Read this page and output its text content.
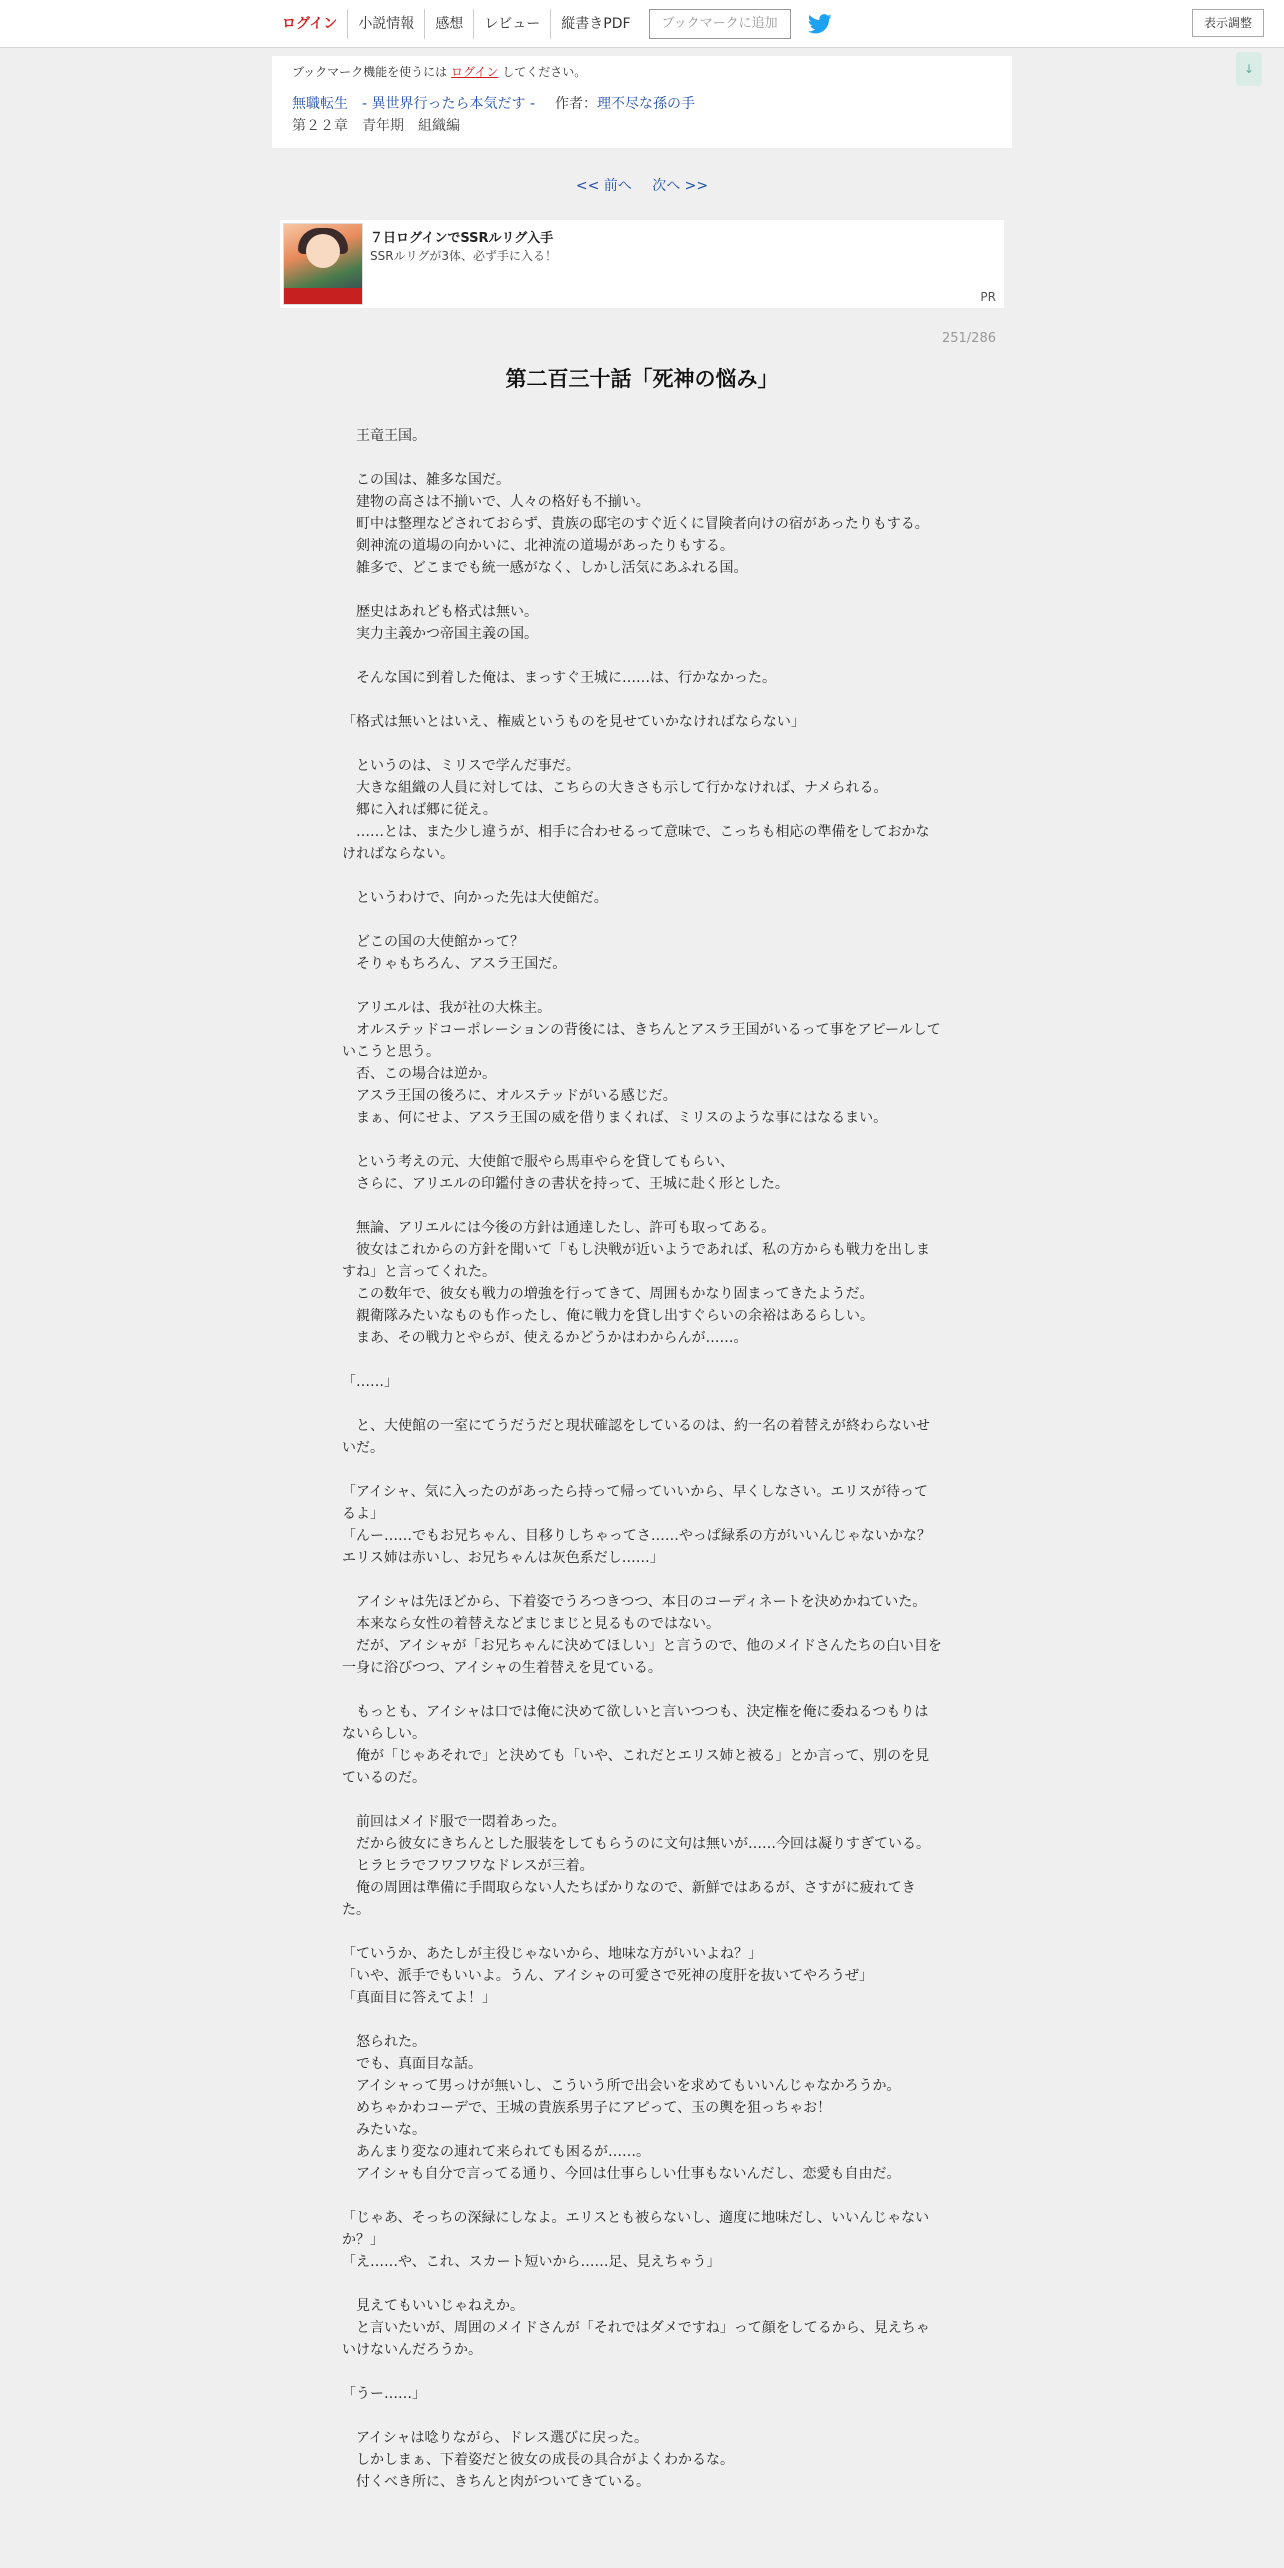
ログイン	小説情報	感想	レビュー	縦書きPDF	ブックマークに追加	表示調整
↓
ブックマーク機能を使うには ログイン してください。
無職転生　- 異世界行ったら本気だす - 作者：理不尽な孫の手
第２２章　青年期　組織編
<< 前へ 次へ >>
７日ログインでSSRルリグ入手
SSRルリグが3体、必ず手に入る！
PR
251/286
第二百三十話「死神の悩み」

　王竜王国。

　この国は、雑多な国だ。

　建物の高さは不揃いで、人々の格好も不揃い。

　町中は整理などされておらず、貴族の邸宅のすぐ近くに冒険者向けの宿があったりもする。

　剣神流の道場の向かいに、北神流の道場があったりもする。

　雑多で、どこまでも統一感がなく、しかし活気にあふれる国。

　歴史はあれども格式は無い。

　実力主義かつ帝国主義の国。

　そんな国に到着した俺は、まっすぐ王城に……は、行かなかった。

「格式は無いとはいえ、権威というものを見せていかなければならない」

　というのは、ミリスで学んだ事だ。

　大きな組織の人員に対しては、こちらの大きさも示して行かなければ、ナメられる。

　郷に入れば郷に従え。

　……とは、また少し違うが、相手に合わせるって意味で、こっちも相応の準備をしておかなければならない。

　というわけで、向かった先は大使館だ。

　どこの国の大使館かって？

　そりゃもちろん、アスラ王国だ。

　アリエルは、我が社の大株主。

　オルステッドコーポレーションの背後には、きちんとアスラ王国がいるって事をアピールしていこうと思う。

　否、この場合は逆か。

　アスラ王国の後ろに、オルステッドがいる感じだ。

　まぁ、何にせよ、アスラ王国の威を借りまくれば、ミリスのような事にはなるまい。

　という考えの元、大使館で服やら馬車やらを貸してもらい、

　さらに、アリエルの印鑑付きの書状を持って、王城に赴く形とした。

　無論、アリエルには今後の方針は通達したし、許可も取ってある。

　彼女はこれからの方針を聞いて「もし決戦が近いようであれば、私の方からも戦力を出しますね」と言ってくれた。

　この数年で、彼女も戦力の増強を行ってきて、周囲もかなり固まってきたようだ。

　親衛隊みたいなものも作ったし、俺に戦力を貸し出すぐらいの余裕はあるらしい。

　まあ、その戦力とやらが、使えるかどうかはわからんが……。

「……」

　と、大使館の一室にてうだうだと現状確認をしているのは、約一名の着替えが終わらないせいだ。

「アイシャ、気に入ったのがあったら持って帰っていいから、早くしなさい。エリスが待ってるよ」

「んー……でもお兄ちゃん、目移りしちゃってさ……やっぱ緑系の方がいいんじゃないかな？　エリス姉は赤いし、お兄ちゃんは灰色系だし……」

　アイシャは先ほどから、下着姿でうろつきつつ、本日のコーディネートを決めかねていた。

　本来なら女性の着替えなどまじまじと見るものではない。

　だが、アイシャが「お兄ちゃんに決めてほしい」と言うので、他のメイドさんたちの白い目を一身に浴びつつ、アイシャの生着替えを見ている。

　もっとも、アイシャは口では俺に決めて欲しいと言いつつも、決定権を俺に委ねるつもりはないらしい。

　俺が「じゃあそれで」と決めても「いや、これだとエリス姉と被る」とか言って、別のを見ているのだ。

　前回はメイド服で一悶着あった。

　だから彼女にきちんとした服装をしてもらうのに文句は無いが……今回は凝りすぎている。

　ヒラヒラでフワフワなドレスが三着。

　俺の周囲は準備に手間取らない人たちばかりなので、新鮮ではあるが、さすがに疲れてきた。

「ていうか、あたしが主役じゃないから、地味な方がいいよね？」

「いや、派手でもいいよ。うん、アイシャの可愛さで死神の度肝を抜いてやろうぜ」

「真面目に答えてよ！」

　怒られた。

　でも、真面目な話。

　アイシャって男っけが無いし、こういう所で出会いを求めてもいいんじゃなかろうか。

　めちゃかわコーデで、王城の貴族系男子にアピって、玉の輿を狙っちゃお！

　みたいな。

　あんまり変なの連れて来られても困るが……。

　アイシャも自分で言ってる通り、今回は仕事らしい仕事もないんだし、恋愛も自由だ。

「じゃあ、そっちの深緑にしなよ。エリスとも被らないし、適度に地味だし、いいんじゃないか？」

「え……や、これ、スカート短いから……足、見えちゃう」

　見えてもいいじゃねえか。

　と言いたいが、周囲のメイドさんが「それではダメですね」って顔をしてるから、見えちゃいけないんだろうか。

「うー……」

　アイシャは唸りながら、ドレス選びに戻った。

　しかしまぁ、下着姿だと彼女の成長の具合がよくわかるな。

　付くべき所に、きちんと肉がついてきている。
